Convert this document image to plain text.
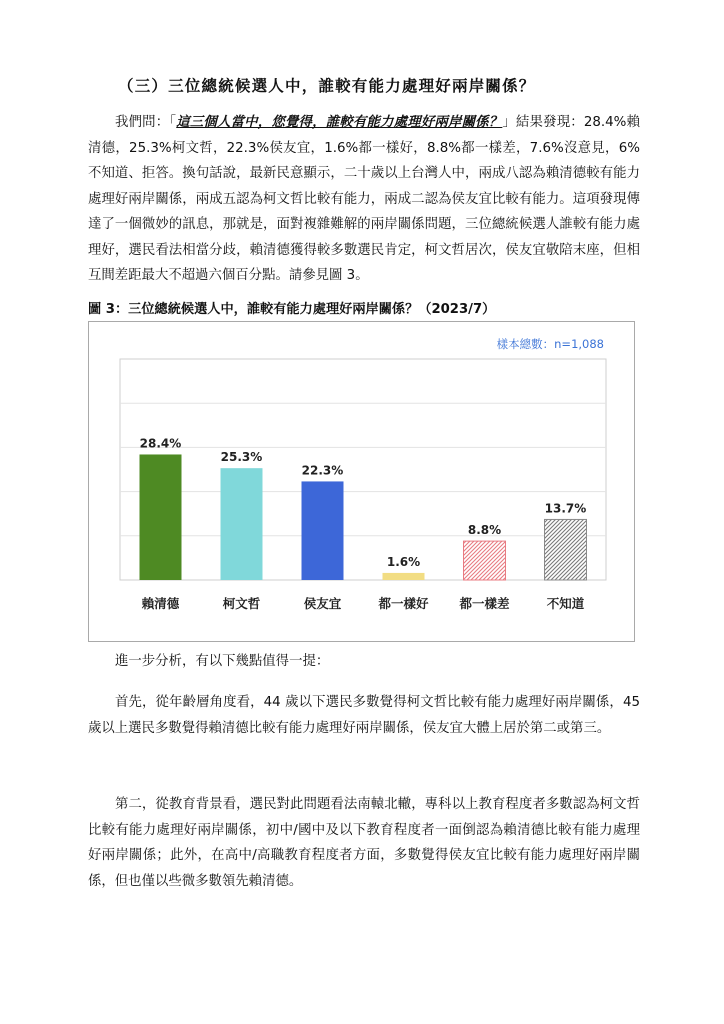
（三）三位總統候選人中，誰較有能力處理好兩岸關係？

我們問：「這三個人當中，您覺得，誰較有能力處理好兩岸關係？」結果發現：28.4%賴清德，25.3%柯文哲，22.3%侯友宜，1.6%都一樣好，8.8%都一樣差，7.6%沒意見，6%不知道、拒答。換句話說，最新民意顯示，二十歲以上台灣人中，兩成八認為賴清德較有能力處理好兩岸關係，兩成五認為柯文哲比較有能力，兩成二認為侯友宜比較有能力。這項發現傳達了一個微妙的訊息，那就是，面對複雜難解的兩岸關係問題，三位總統候選人誰較有能力處理好，選民看法相當分歧，賴清德獲得較多數選民肯定，柯文哲居次，侯友宜敬陪末座，但相互間差距最大不超過六個百分點。請參見圖 3。

圖 3：三位總統候選人中，誰較有能力處理好兩岸關係？（2023/7）
樣本總數：n=1,088
28.4%
25.3%
22.3%
1.6%
8.8%
13.7%
賴清德	柯文哲	侯友宜	都一樣好 都一樣差	不知道

進一步分析，有以下幾點值得一提：

首先，從年齡層角度看，44 歲以下選民多數覺得柯文哲比較有能力處理好兩岸關係，45 歲以上選民多數覺得賴清德比較有能力處理好兩岸關係，侯友宜大體上居於第二或第三。

第二，從教育背景看，選民對此問題看法南轅北轍，專科以上教育程度者多數認為柯文哲比較有能力處理好兩岸關係，初中/國中及以下教育程度者一面倒認為賴清德比較有能力處理好兩岸關係；此外，在高中/高職教育程度者方面，多數覺得侯友宜比較有能力處理好兩岸關係，但也僅以些微多數領先賴清德。
